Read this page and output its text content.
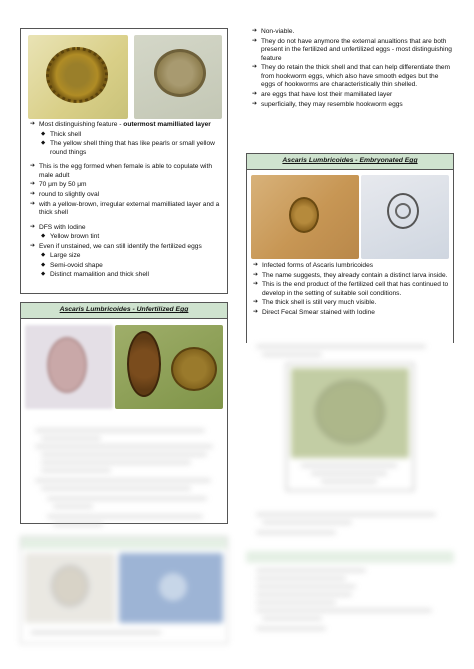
➔ Most distinguishing feature - outermost mamilliated layer
◆ Thick shell
◆ The yellow shell thing that has like pearls or small yellow round things
➔ This is the egg formed when female is able to copulate with male adult
➔ 70 μm by 50 μm
➔ round to slightly oval
➔ with a yellow-brown, irregular external mamilliated layer and a thick shell
➔ DFS with Iodine
◆ Yellow brown tint
➔ Even if unstained, we can still identify the fertilized eggs
◆ Large size
◆ Semi-ovoid shape
◆ Distinct mamalition and thick shell
➔ Non-viable.
➔ They do not have anymore the external anualtions that are both present in the fertilized and unfertilized eggs - most distinguishing feature
➔ They do retain the thick shell and that can help differentiate them from hookworm eggs, which also have smooth edges but the eggs of hookworms are characteristically thin shelled.
➔ are eggs that have lost their mamillated layer
➔ superficially, they may resemble hookworm eggs
Ascaris Lumbricoides - Embryonated Egg
➔ Infected forms of Ascaris lumbricoides
➔ The name suggests, they already contain a distinct larva inside.
➔ This is the end product of the fertilized cell that has continued to develop in the setting of suitable soil conditions.
➔ The thick shell is still very much visible.
➔ Direct Fecal Smear stained with Iodine
Ascaris Lumbricoides - Unfertilized Egg
